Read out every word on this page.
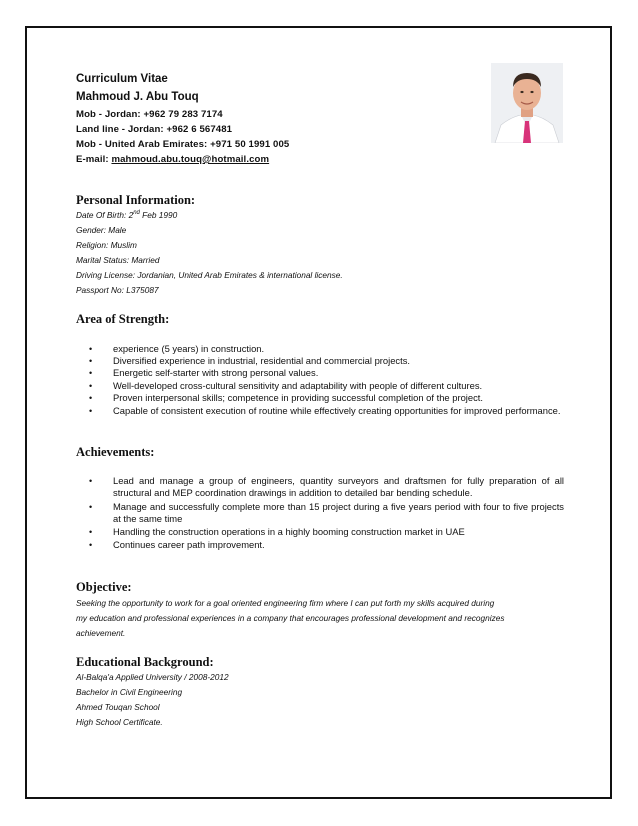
Curriculum Vitae
Mahmoud J. Abu Touq
Mob - Jordan: +962 79 283 7174
Land line - Jordan: +962 6 567481
Mob - United Arab Emirates: +971 50 1991 005
E-mail: mahmoud.abu.touq@hotmail.com
Personal Information:
Date Of Birth: 2nd Feb 1990
Gender: Male
Religion: Muslim
Marital Status: Married
Driving License: Jordanian, United Arab Emirates & international license.
Passport No: L375087
Area of Strength:
•	experience (5 years) in construction.
•	Diversified experience in industrial, residential and commercial projects.
•	Energetic self-starter with strong personal values.
•	Well-developed cross-cultural sensitivity and adaptability with people of different cultures.
•	Proven interpersonal skills; competence in providing successful completion of the project.
•	Capable of consistent execution of routine while effectively creating opportunities for improved performance.
Achievements:
•	Lead and manage a group of engineers, quantity surveyors and draftsmen for fully preparation of all structural and MEP coordination drawings in addition to detailed bar bending schedule.
•	Manage and successfully complete more than 15 project during a five years period with four to five projects at the same time
•	Handling the construction operations in a highly booming construction market in UAE
•	Continues career path improvement.
Objective:
Seeking the opportunity to work for a goal oriented engineering firm where I can put forth my skills acquired during
my education and professional experiences in a company that encourages professional development and recognizes
achievement.
Educational Background:
Al-Balqa'a Applied University / 2008-2012
Bachelor in Civil Engineering
Ahmed Touqan School
High School Certificate.
